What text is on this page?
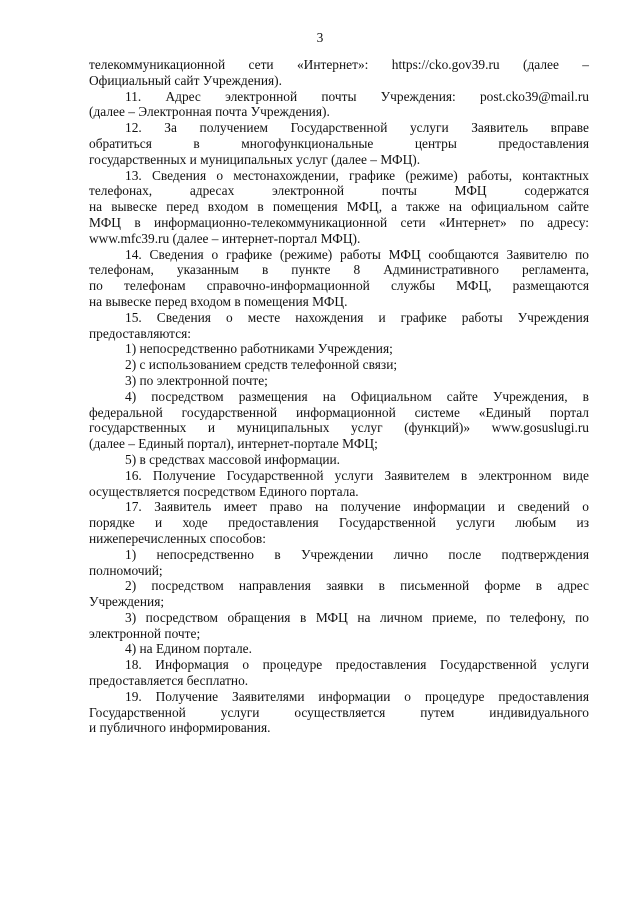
3
телекоммуникационной сети «Интернет»: https://cko.gov39.ru (далее –
Официальный сайт Учреждения).
11. Адрес электронной почты Учреждения: post.cko39@mail.ru
(далее – Электронная почта Учреждения).
12. За получением Государственной услуги Заявитель вправе
обратиться в многофункциональные центры предоставления
государственных и муниципальных услуг (далее – МФЦ).
13. Сведения о местонахождении, графике (режиме) работы, контактных
телефонах, адресах электронной почты МФЦ содержатся
на вывеске перед входом в помещения МФЦ, а также на официальном сайте
МФЦ в информационно-телекоммуникационной сети «Интернет» по адресу:
www.mfc39.ru (далее – интернет-портал МФЦ).
14. Сведения о графике (режиме) работы МФЦ сообщаются Заявителю по
телефонам, указанным в пункте 8 Административного регламента,
по телефонам справочно-информационной службы МФЦ, размещаются
на вывеске перед входом в помещения МФЦ.
15. Сведения о месте нахождения и графике работы Учреждения
предоставляются:
1) непосредственно работниками Учреждения;
2) с использованием средств телефонной связи;
3) по электронной почте;
4) посредством размещения на Официальном сайте Учреждения, в
федеральной государственной информационной системе «Единый портал
государственных и муниципальных услуг (функций)» www.gosuslugi.ru
(далее – Единый портал), интернет-портале МФЦ;
5) в средствах массовой информации.
16. Получение Государственной услуги Заявителем в электронном виде
осуществляется посредством Единого портала.
17. Заявитель имеет право на получение информации и сведений о
порядке и ходе предоставления Государственной услуги любым из
нижеперечисленных способов:
1) непосредственно в Учреждении лично после подтверждения
полномочий;
2) посредством направления заявки в письменной форме в адрес
Учреждения;
3) посредством обращения в МФЦ на личном приеме, по телефону, по
электронной почте;
4) на Едином портале.
18. Информация о процедуре предоставления Государственной услуги
предоставляется бесплатно.
19. Получение Заявителями информации о процедуре предоставления
Государственной услуги осуществляется путем индивидуального
и публичного информирования.
